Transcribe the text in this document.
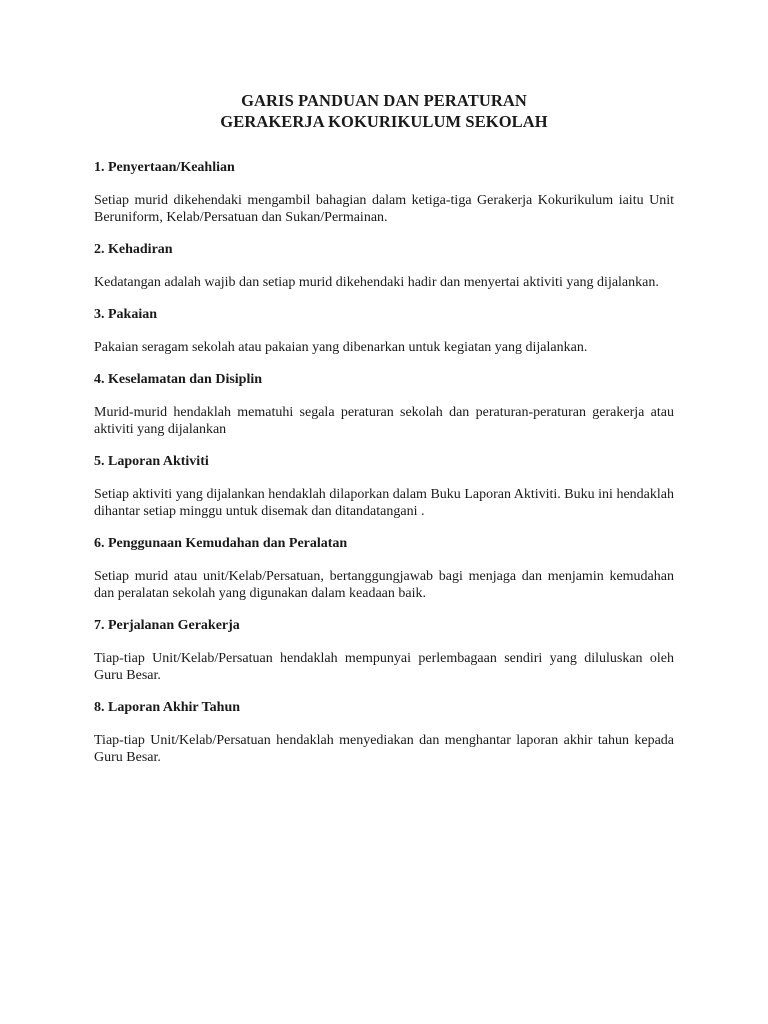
GARIS PANDUAN DAN PERATURAN

GERAKERJA KOKURIKULUM SEKOLAH

1. Penyertaan/Keahlian

Setiap murid dikehendaki mengambil bahagian dalam ketiga-tiga Gerakerja Kokurikulum iaitu Unit Beruniform, Kelab/Persatuan dan Sukan/Permainan.

2. Kehadiran

Kedatangan adalah wajib dan setiap murid dikehendaki hadir dan menyertai aktiviti yang dijalankan.

3. Pakaian

Pakaian seragam sekolah atau pakaian yang dibenarkan untuk kegiatan yang dijalankan.

4. Keselamatan dan Disiplin

Murid-murid hendaklah mematuhi segala peraturan sekolah dan peraturan-peraturan gerakerja atau aktiviti yang dijalankan

5. Laporan Aktiviti

Setiap aktiviti yang dijalankan hendaklah dilaporkan dalam Buku Laporan Aktiviti. Buku ini hendaklah dihantar setiap minggu untuk disemak dan ditandatangani .

6. Penggunaan Kemudahan dan Peralatan

Setiap murid atau unit/Kelab/Persatuan, bertanggungjawab bagi menjaga dan menjamin kemudahan dan peralatan sekolah yang digunakan dalam keadaan baik.

7. Perjalanan Gerakerja

Tiap-tiap Unit/Kelab/Persatuan hendaklah mempunyai perlembagaan sendiri yang diluluskan oleh Guru Besar.

8. Laporan Akhir Tahun

Tiap-tiap Unit/Kelab/Persatuan hendaklah menyediakan dan menghantar laporan akhir tahun kepada Guru Besar.
